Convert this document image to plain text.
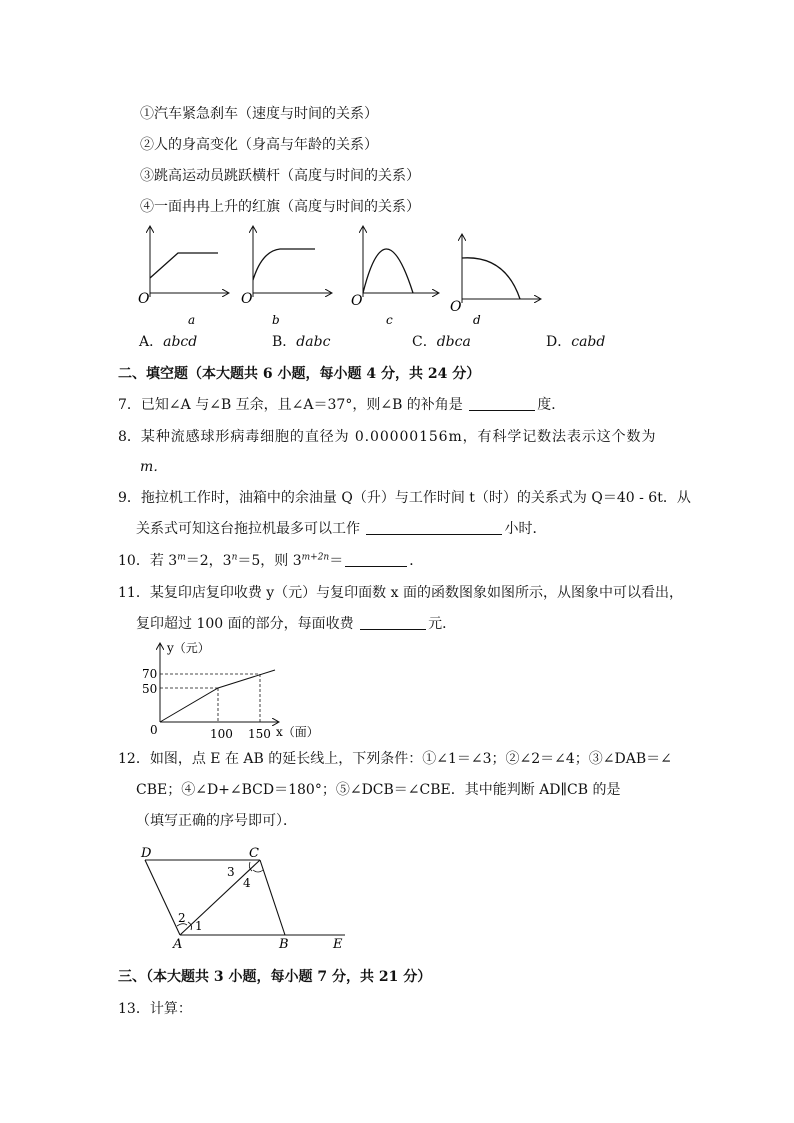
①汽车紧急刹车（速度与时间的关系）
②人的身高变化（身高与年龄的关系）
③跳高运动员跳跃横杆（高度与时间的关系）
④一面冉冉上升的红旗（高度与时间的关系）
O
a
O
b
O
c
O
d
A．abcd	B．dabc	C．dbca	D．cabd
二、填空题（本大题共 6 小题，每小题 4 分，共 24 分）
7．已知∠A 与∠B 互余，且∠A＝37°，则∠B 的补角是	度．
8．某种流感球形病毒细胞的直径为 0.00000156m，有科学记数法表示这个数为
m．
9．拖拉机工作时，油箱中的余油量 Q（升）与工作时间 t（时）的关系式为 Q＝40 - 6t．从
关系式可知这台拖拉机最多可以工作	小时．
10．若 $3^m=2$，$3^n=5$，则 $3^{m+2n}=$	．
11．某复印店复印收费 y（元）与复印面数 x 面的函数图象如图所示，从图象中可以看出，
复印超过 100 面的部分，每面收费	元．
y（元）
70
50
0	100 150 x（面）
12．如图，点 E 在 AB 的延长线上，下列条件：①∠1＝∠3；②∠2＝∠4；③∠DAB＝∠
CBE；④∠D+∠BCD＝180°；⑤∠DCB＝∠CBE．其中能判断 AD∥CB 的是
（填写正确的序号即可）．
D	C
A	B	E
1
2
3
4
三、（本大题共 3 小题，每小题 7 分，共 21 分）
13．计算：
